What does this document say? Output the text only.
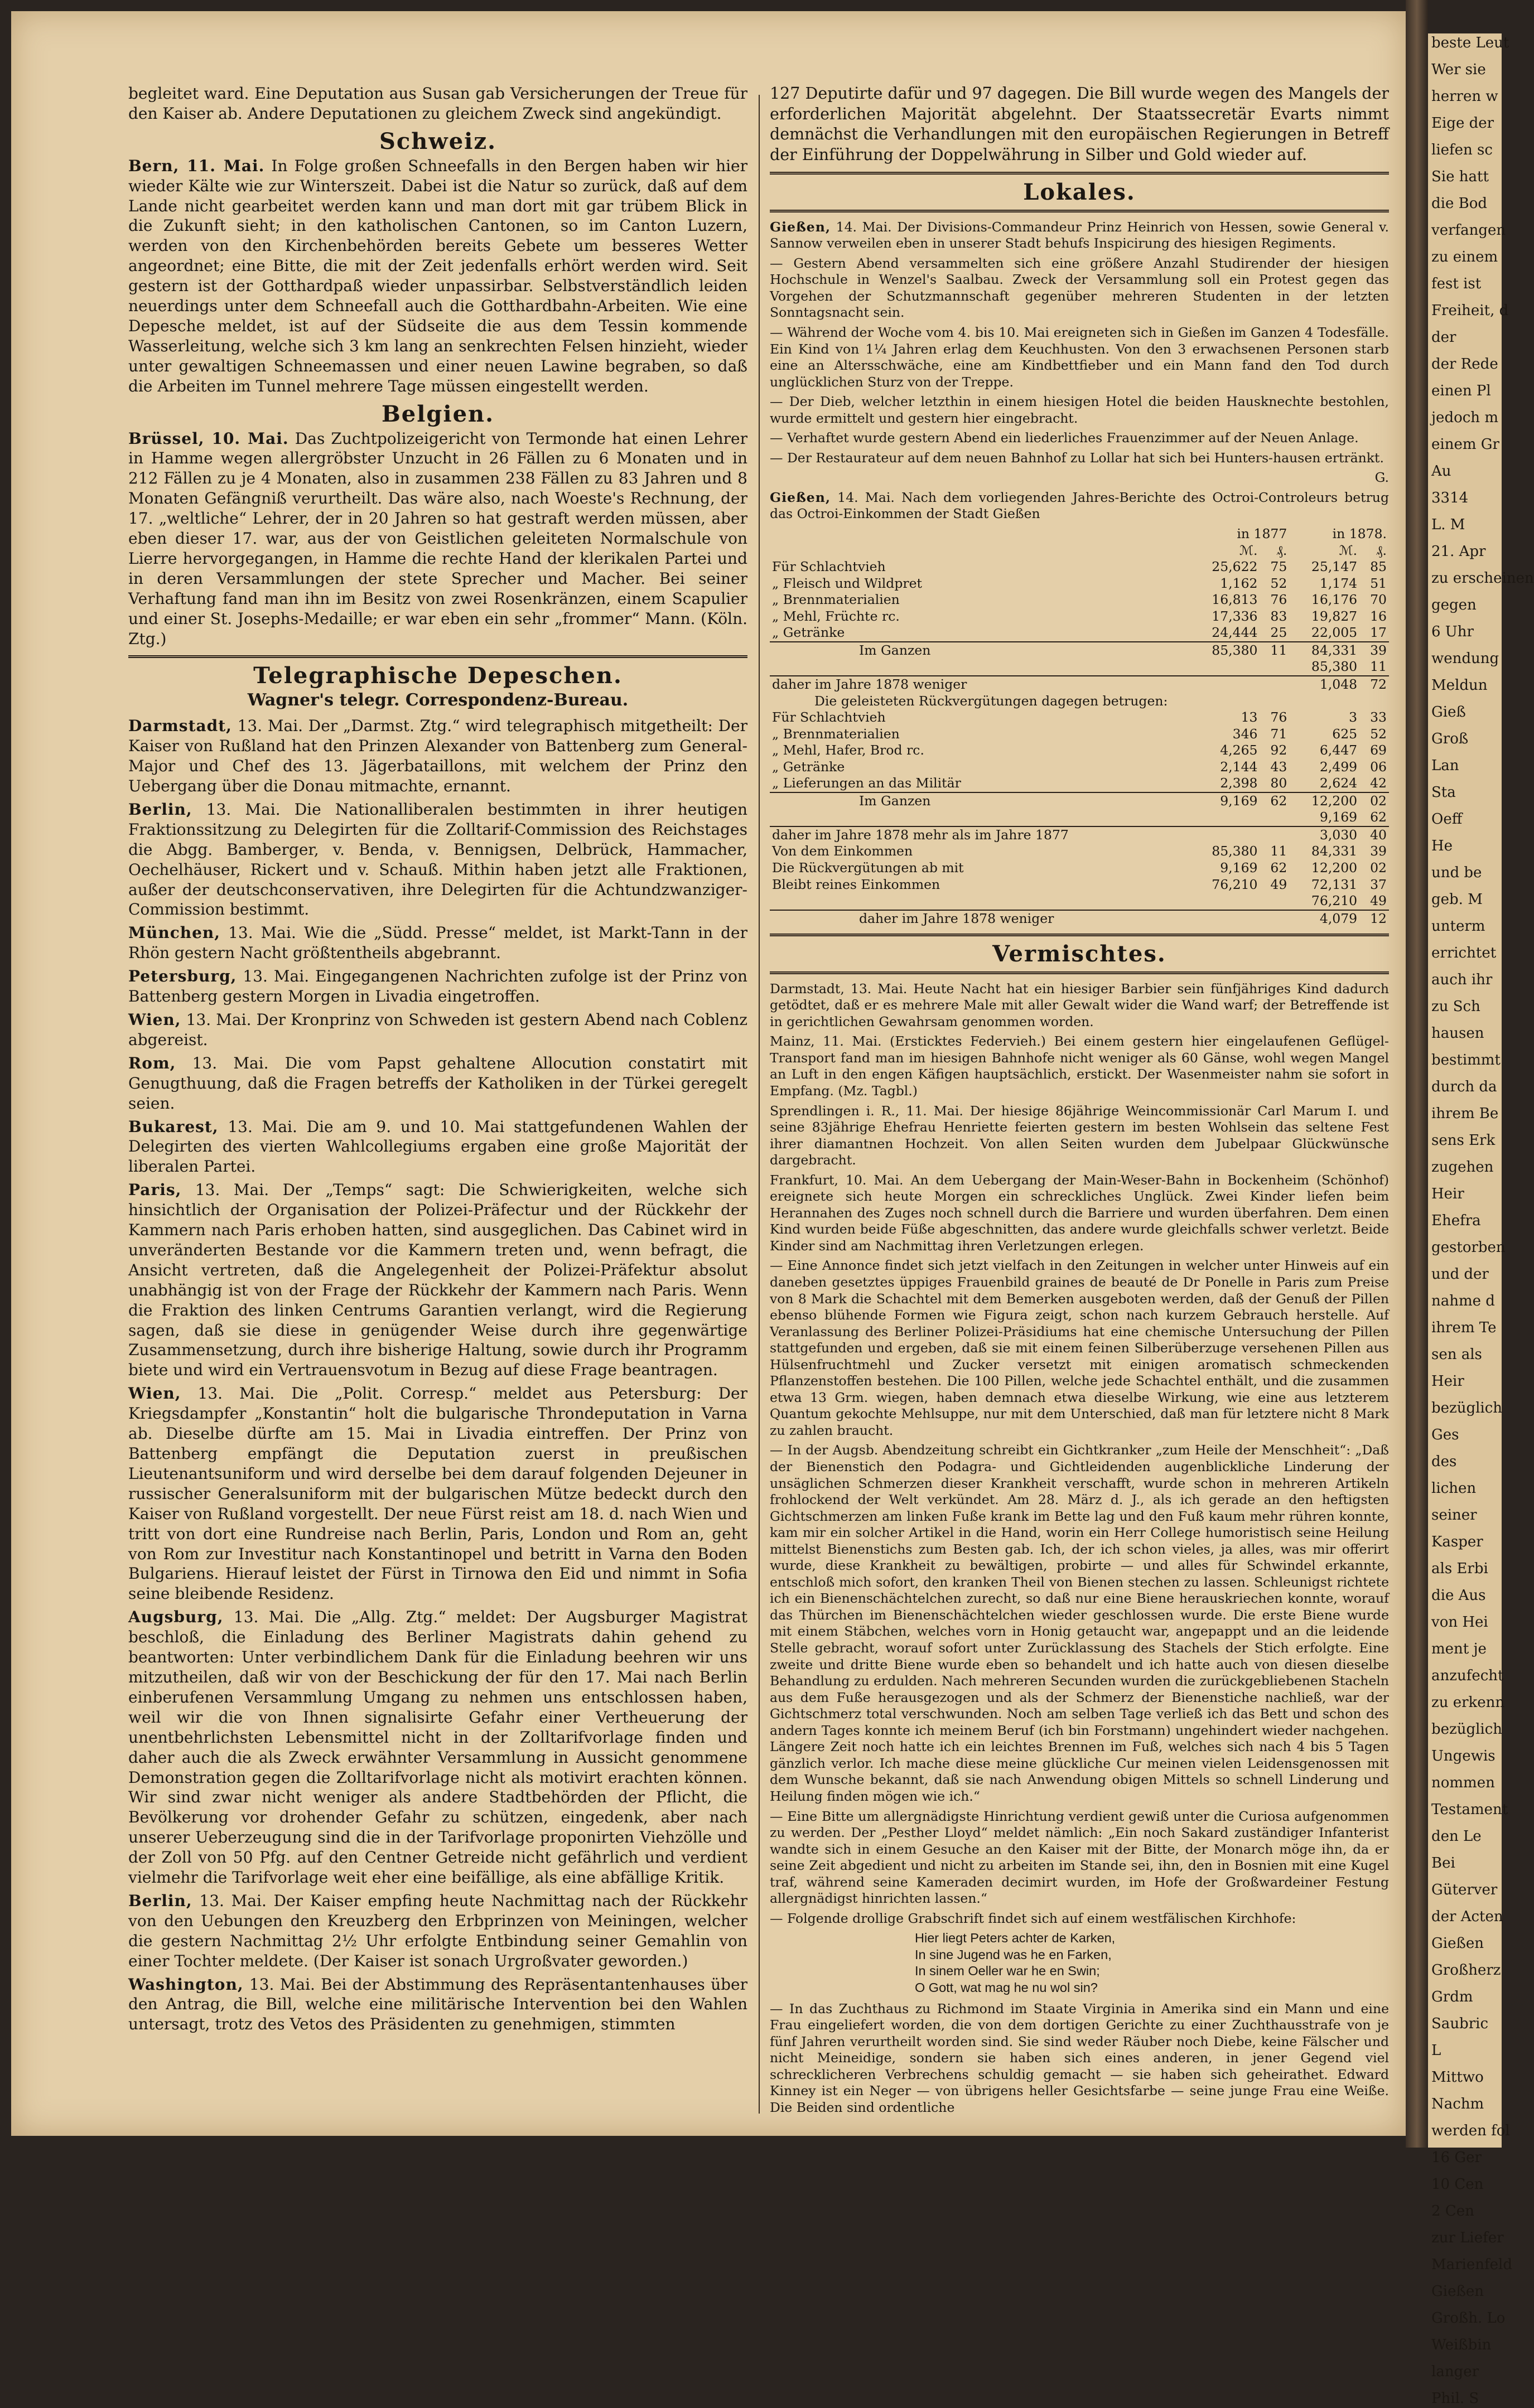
begleitet ward. Eine Deputation aus Susan gab Versicherungen der Treue für den Kaiser ab. Andere Deputationen zu gleichem Zweck sind angekündigt.

Schweiz.

Bern, 11. Mai. In Folge großen Schneefalls in den Bergen haben wir hier wieder Kälte wie zur Winterszeit. Dabei ist die Natur so zurück, daß auf dem Lande nicht gearbeitet werden kann und man dort mit gar trübem Blick in die Zukunft sieht; in den katholischen Cantonen, so im Canton Luzern, werden von den Kirchenbehörden bereits Gebete um besseres Wetter angeordnet; eine Bitte, die mit der Zeit jedenfalls erhört werden wird. Seit gestern ist der Gotthardpaß wieder unpassirbar. Selbstverständlich leiden neuerdings unter dem Schneefall auch die Gotthardbahn-Arbeiten. Wie eine Depesche meldet, ist auf der Südseite die aus dem Tessin kommende Wasserleitung, welche sich 3 km lang an senkrechten Felsen hinzieht, wieder unter gewaltigen Schneemassen und einer neuen Lawine begraben, so daß die Arbeiten im Tunnel mehrere Tage müssen eingestellt werden.

Belgien.

Brüssel, 10. Mai. Das Zuchtpolizeigericht von Termonde hat einen Lehrer in Hamme wegen allergröbster Unzucht in 26 Fällen zu 6 Monaten und in 212 Fällen zu je 4 Monaten, also in zusammen 238 Fällen zu 83 Jahren und 8 Monaten Gefängniß verurtheilt. Das wäre also, nach Woeste's Rechnung, der 17. „weltliche“ Lehrer, der in 20 Jahren so hat gestraft werden müssen, aber eben dieser 17. war, aus der von Geistlichen geleiteten Normalschule von Lierre hervorgegangen, in Hamme die rechte Hand der klerikalen Partei und in deren Versammlungen der stete Sprecher und Macher. Bei seiner Verhaftung fand man ihn im Besitz von zwei Rosenkränzen, einem Scapulier und einer St. Josephs-Medaille; er war eben ein sehr „frommer“ Mann. (Köln. Ztg.)

Telegraphische Depeschen.
Wagner's telegr. Correspondenz-Bureau.

Darmstadt, 13. Mai. Der „Darmst. Ztg.“ wird telegraphisch mitgetheilt: Der Kaiser von Rußland hat den Prinzen Alexander von Battenberg zum General-Major und Chef des 13. Jägerbataillons, mit welchem der Prinz den Uebergang über die Donau mitmachte, ernannt.

Berlin, 13. Mai. Die Nationalliberalen bestimmten in ihrer heutigen Fraktionssitzung zu Delegirten für die Zolltarif-Commission des Reichstages die Abgg. Bamberger, v. Benda, v. Bennigsen, Delbrück, Hammacher, Oechelhäuser, Rickert und v. Schauß. Mithin haben jetzt alle Fraktionen, außer der deutschconservativen, ihre Delegirten für die Achtundzwanziger-Commission bestimmt.

München, 13. Mai. Wie die „Südd. Presse“ meldet, ist Markt-Tann in der Rhön gestern Nacht größtentheils abgebrannt.

Petersburg, 13. Mai. Eingegangenen Nachrichten zufolge ist der Prinz von Battenberg gestern Morgen in Livadia eingetroffen.

Wien, 13. Mai. Der Kronprinz von Schweden ist gestern Abend nach Coblenz abgereist.

Rom, 13. Mai. Die vom Papst gehaltene Allocution constatirt mit Genugthuung, daß die Fragen betreffs der Katholiken in der Türkei geregelt seien.

Bukarest, 13. Mai. Die am 9. und 10. Mai stattgefundenen Wahlen der Delegirten des vierten Wahlcollegiums ergaben eine große Majorität der liberalen Partei.

Paris, 13. Mai. Der „Temps“ sagt: Die Schwierigkeiten, welche sich hinsichtlich der Organisation der Polizei-Präfectur und der Rückkehr der Kammern nach Paris erhoben hatten, sind ausgeglichen. Das Cabinet wird in unveränderten Bestande vor die Kammern treten und, wenn befragt, die Ansicht vertreten, daß die Angelegenheit der Polizei-Präfektur absolut unabhängig ist von der Frage der Rückkehr der Kammern nach Paris. Wenn die Fraktion des linken Centrums Garantien verlangt, wird die Regierung sagen, daß sie diese in genügender Weise durch ihre gegenwärtige Zusammensetzung, durch ihre bisherige Haltung, sowie durch ihr Programm biete und wird ein Vertrauensvotum in Bezug auf diese Frage beantragen.

Wien, 13. Mai. Die „Polit. Corresp.“ meldet aus Petersburg: Der Kriegsdampfer „Konstantin“ holt die bulgarische Throndeputation in Varna ab. Dieselbe dürfte am 15. Mai in Livadia eintreffen. Der Prinz von Battenberg empfängt die Deputation zuerst in preußischen Lieutenantsuniform und wird derselbe bei dem darauf folgenden Dejeuner in russischer Generalsuniform mit der bulgarischen Mütze bedeckt durch den Kaiser von Rußland vorgestellt. Der neue Fürst reist am 18. d. nach Wien und tritt von dort eine Rundreise nach Berlin, Paris, London und Rom an, geht von Rom zur Investitur nach Konstantinopel und betritt in Varna den Boden Bulgariens. Hierauf leistet der Fürst in Tirnowa den Eid und nimmt in Sofia seine bleibende Residenz.

Augsburg, 13. Mai. Die „Allg. Ztg.“ meldet: Der Augsburger Magistrat beschloß, die Einladung des Berliner Magistrats dahin gehend zu beantworten: Unter verbindlichem Dank für die Einladung beehren wir uns mitzutheilen, daß wir von der Beschickung der für den 17. Mai nach Berlin einberufenen Versammlung Umgang zu nehmen uns entschlossen haben, weil wir die von Ihnen signalisirte Gefahr einer Vertheuerung der unentbehrlichsten Lebensmittel nicht in der Zolltarifvorlage finden und daher auch die als Zweck erwähnter Versammlung in Aussicht genommene Demonstration gegen die Zolltarifvorlage nicht als motivirt erachten können. Wir sind zwar nicht weniger als andere Stadtbehörden der Pflicht, die Bevölkerung vor drohender Gefahr zu schützen, eingedenk, aber nach unserer Ueberzeugung sind die in der Tarifvorlage proponirten Viehzölle und der Zoll von 50 Pfg. auf den Centner Getreide nicht gefährlich und verdient vielmehr die Tarifvorlage weit eher eine beifällige, als eine abfällige Kritik.

Berlin, 13. Mai. Der Kaiser empfing heute Nachmittag nach der Rückkehr von den Uebungen den Kreuzberg den Erbprinzen von Meiningen, welcher die gestern Nachmittag 2½ Uhr erfolgte Entbindung seiner Gemahlin von einer Tochter meldete. (Der Kaiser ist sonach Urgroßvater geworden.)

Washington, 13. Mai. Bei der Abstimmung des Repräsentantenhauses über den Antrag, die Bill, welche eine militärische Intervention bei den Wahlen untersagt, trotz des Vetos des Präsidenten zu genehmigen, stimmten

127 Deputirte dafür und 97 dagegen. Die Bill wurde wegen des Mangels der erforderlichen Majorität abgelehnt. Der Staatssecretär Evarts nimmt demnächst die Verhandlungen mit den europäischen Regierungen in Betreff der Einführung der Doppelwährung in Silber und Gold wieder auf.

Lokales.

Gießen, 14. Mai. Der Divisions-Commandeur Prinz Heinrich von Hessen, sowie General v. Sannow verweilen eben in unserer Stadt behufs Inspicirung des hiesigen Regiments.

— Gestern Abend versammelten sich eine größere Anzahl Studirender der hiesigen Hochschule in Wenzel's Saalbau. Zweck der Versammlung soll ein Protest gegen das Vorgehen der Schutzmannschaft gegenüber mehreren Studenten in der letzten Sonntagsnacht sein.

— Während der Woche vom 4. bis 10. Mai ereigneten sich in Gießen im Ganzen 4 Todesfälle. Ein Kind von 1¼ Jahren erlag dem Keuchhusten. Von den 3 erwachsenen Personen starb eine an Altersschwäche, eine am Kindbettfieber und ein Mann fand den Tod durch unglücklichen Sturz von der Treppe.

— Der Dieb, welcher letzthin in einem hiesigen Hotel die beiden Hausknechte bestohlen, wurde ermittelt und gestern hier eingebracht.

— Verhaftet wurde gestern Abend ein liederliches Frauenzimmer auf der Neuen Anlage.

— Der Restaurateur auf dem neuen Bahnhof zu Lollar hat sich bei Hunters-hausen ertränkt.

G.

Gießen, 14. Mai. Nach dem vorliegenden Jahres-Berichte des Octroi-Controleurs betrug das Octroi-Einkommen der Stadt Gießen

	in 1877		in 1878.	
	ℳ.	₰.	ℳ.	₰.
Für Schlachtvieh	25,622	75	25,147	85
„ Fleisch und Wildpret	1,162	52	1,174	51
„ Brennmaterialien	16,813	76	16,176	70
„ Mehl, Früchte rc.	17,336	83	19,827	16
„ Getränke	24,444	25	22,005	17
Im Ganzen	85,380	11	84,331	39
			85,380	11
daher im Jahre 1878 weniger			1,048	72
Die geleisteten Rückvergütungen dagegen betrugen:				
Für Schlachtvieh	13	76	3	33
„ Brennmaterialien	346	71	625	52
„ Mehl, Hafer, Brod rc.	4,265	92	6,447	69
„ Getränke	2,144	43	2,499	06
„ Lieferungen an das Militär	2,398	80	2,624	42
Im Ganzen	9,169	62	12,200	02
			9,169	62
daher im Jahre 1878 mehr als im Jahre 1877			3,030	40
Von dem Einkommen	85,380	11	84,331	39
Die Rückvergütungen ab mit	9,169	62	12,200	02
Bleibt reines Einkommen	76,210	49	72,131	37
			76,210	49
daher im Jahre 1878 weniger			4,079	12
Vermischtes.

Darmstadt, 13. Mai. Heute Nacht hat ein hiesiger Barbier sein fünfjähriges Kind dadurch getödtet, daß er es mehrere Male mit aller Gewalt wider die Wand warf; der Betreffende ist in gerichtlichen Gewahrsam genommen worden.

Mainz, 11. Mai. (Ersticktes Federvieh.) Bei einem gestern hier eingelaufenen Geflügel-Transport fand man im hiesigen Bahnhofe nicht weniger als 60 Gänse, wohl wegen Mangel an Luft in den engen Käfigen hauptsächlich, erstickt. Der Wasenmeister nahm sie sofort in Empfang. (Mz. Tagbl.)

Sprendlingen i. R., 11. Mai. Der hiesige 86jährige Weincommissionär Carl Marum I. und seine 83jährige Ehefrau Henriette feierten gestern im besten Wohlsein das seltene Fest ihrer diamantnen Hochzeit. Von allen Seiten wurden dem Jubelpaar Glückwünsche dargebracht.

Frankfurt, 10. Mai. An dem Uebergang der Main-Weser-Bahn in Bockenheim (Schönhof) ereignete sich heute Morgen ein schreckliches Unglück. Zwei Kinder liefen beim Herannahen des Zuges noch schnell durch die Barriere und wurden überfahren. Dem einen Kind wurden beide Füße abgeschnitten, das andere wurde gleichfalls schwer verletzt. Beide Kinder sind am Nachmittag ihren Verletzungen erlegen.

— Eine Annonce findet sich jetzt vielfach in den Zeitungen in welcher unter Hinweis auf ein daneben gesetztes üppiges Frauenbild graines de beauté de Dr Ponelle in Paris zum Preise von 8 Mark die Schachtel mit dem Bemerken ausgeboten werden, daß der Genuß der Pillen ebenso blühende Formen wie Figura zeigt, schon nach kurzem Gebrauch herstelle. Auf Veranlassung des Berliner Polizei-Präsidiums hat eine chemische Untersuchung der Pillen stattgefunden und ergeben, daß sie mit einem feinen Silberüberzuge versehenen Pillen aus Hülsenfruchtmehl und Zucker versetzt mit einigen aromatisch schmeckenden Pflanzenstoffen bestehen. Die 100 Pillen, welche jede Schachtel enthält, und die zusammen etwa 13 Grm. wiegen, haben demnach etwa dieselbe Wirkung, wie eine aus letzterem Quantum gekochte Mehlsuppe, nur mit dem Unterschied, daß man für letztere nicht 8 Mark zu zahlen braucht.

— In der Augsb. Abendzeitung schreibt ein Gichtkranker „zum Heile der Menschheit“: „Daß der Bienenstich den Podagra- und Gichtleidenden augenblickliche Linderung der unsäglichen Schmerzen dieser Krankheit verschafft, wurde schon in mehreren Artikeln frohlockend der Welt verkündet. Am 28. März d. J., als ich gerade an den heftigsten Gichtschmerzen am linken Fuße krank im Bette lag und den Fuß kaum mehr rühren konnte, kam mir ein solcher Artikel in die Hand, worin ein Herr College humoristisch seine Heilung mittelst Bienenstichs zum Besten gab. Ich, der ich schon vieles, ja alles, was mir offerirt wurde, diese Krankheit zu bewältigen, probirte — und alles für Schwindel erkannte, entschloß mich sofort, den kranken Theil von Bienen stechen zu lassen. Schleunigst richtete ich ein Bienenschächtelchen zurecht, so daß nur eine Biene herauskriechen konnte, worauf das Thürchen im Bienenschächtelchen wieder geschlossen wurde. Die erste Biene wurde mit einem Stäbchen, welches vorn in Honig getaucht war, angepappt und an die leidende Stelle gebracht, worauf sofort unter Zurücklassung des Stachels der Stich erfolgte. Eine zweite und dritte Biene wurde eben so behandelt und ich hatte auch von diesen dieselbe Behandlung zu erdulden. Nach mehreren Secunden wurden die zurückgebliebenen Stacheln aus dem Fuße herausgezogen und als der Schmerz der Bienenstiche nachließ, war der Gichtschmerz total verschwunden. Noch am selben Tage verließ ich das Bett und schon des andern Tages konnte ich meinem Beruf (ich bin Forstmann) ungehindert wieder nachgehen. Längere Zeit noch hatte ich ein leichtes Brennen im Fuß, welches sich nach 4 bis 5 Tagen gänzlich verlor. Ich mache diese meine glückliche Cur meinen vielen Leidensgenossen mit dem Wunsche bekannt, daß sie nach Anwendung obigen Mittels so schnell Linderung und Heilung finden mögen wie ich.“

— Eine Bitte um allergnädigste Hinrichtung verdient gewiß unter die Curiosa aufgenommen zu werden. Der „Pesther Lloyd“ meldet nämlich: „Ein noch Sakard zuständiger Infanterist wandte sich in einem Gesuche an den Kaiser mit der Bitte, der Monarch möge ihn, da er seine Zeit abgedient und nicht zu arbeiten im Stande sei, ihn, den in Bosnien mit eine Kugel traf, während seine Kameraden decimirt wurden, im Hofe der Großwardeiner Festung allergnädigst hinrichten lassen.“

— Folgende drollige Grabschrift findet sich auf einem westfälischen Kirchhofe:

Hier liegt Peters achter de Karken,
In sine Jugend was he en Farken,
In sinem Oeller war he en Swin;
O Gott, wat mag he nu wol sin?

— In das Zuchthaus zu Richmond im Staate Virginia in Amerika sind ein Mann und eine Frau eingeliefert worden, die von dem dortigen Gerichte zu einer Zuchthausstrafe von je fünf Jahren verurtheilt worden sind. Sie sind weder Räuber noch Diebe, keine Fälscher und nicht Meineidige, sondern sie haben sich eines anderen, in jener Gegend viel schrecklicheren Verbrechens schuldig gemacht — sie haben sich geheirathet. Edward Kinney ist ein Neger — von übrigens heller Gesichtsfarbe — seine junge Frau eine Weiße. Die Beiden sind ordentliche

beste Leut

Wer sie

herren w

Eige der

liefen sc

Sie hatt

die Bod

verfangen

zu einem

fest ist

Freiheit, d

der

der Rede

einen Pl

jedoch m

einem Gr

Au

3314

L. M

21. Apr

zu erscheinen

gegen

6 Uhr

wendung

Meldun

Gieß

Groß

Lan

Sta

Oeff

He

und be

geb. M

unterm

errichtet

auch ihr

zu Sch

hausen

bestimmt

durch da

ihrem Be

sens Erk

zugehen

Heir

Ehefra

gestorben

und der

nahme d

ihrem Te

sen als

Heir

bezüglich

Ges

des

lichen

seiner

Kasper

als Erbi

die Aus

von Hei

ment je

anzufecht

zu erkenn

bezüglich

Ungewis

nommen

Testament

den Le

Bei

Güterver

der Acten

Gießen

Großherz

Grdm

Saubric

L

Mittwo

Nachm

werden fol

16 Ger

10 Cen

2 Cen

zur Liefer

Marienfeld

Gießen

Großh. Lo

Weißbin

langer

Phil. S
